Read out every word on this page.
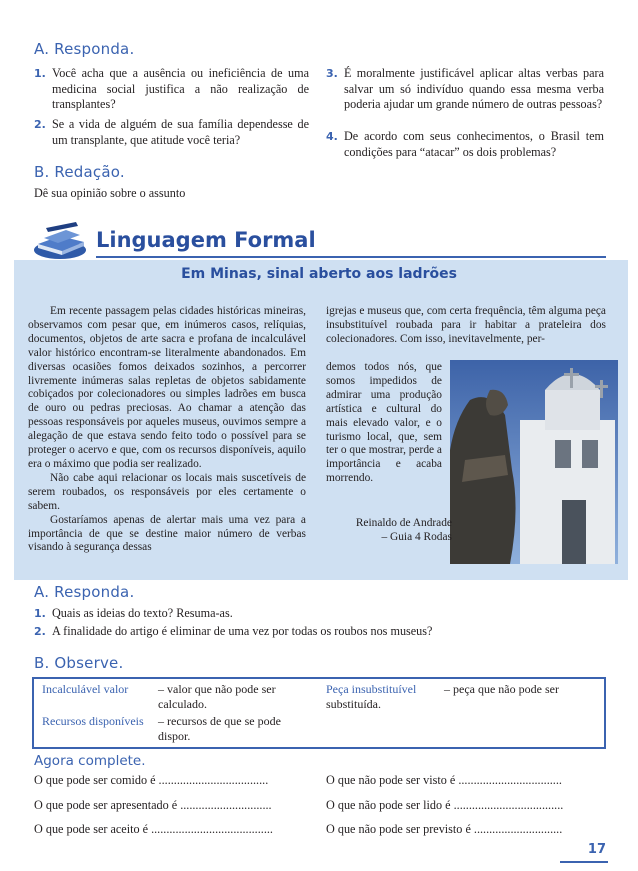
A. Responda.
1. Você acha que a ausência ou ineficiência de uma medicina social justifica a não realização de transplantes?
2. Se a vida de alguém de sua família dependesse de um transplante, que atitude você teria?
3. É moralmente justificável aplicar altas verbas para salvar um só indivíduo quando essa mesma verba poderia ajudar um grande número de outras pessoas?
4. De acordo com seus conhecimentos, o Brasil tem condições para “atacar” os dois problemas?
B. Redação.
Dê sua opinião sobre o assunto
Linguagem Formal
Em Minas, sinal aberto aos ladrões

Em recente passagem pelas cidades históricas mineiras, observamos com pesar que, em inúmeros casos, relíquias, documentos, objetos de arte sacra e profana de incalculável valor histórico encontram-se literalmente abandonados. Em diversas ocasiões fomos deixados sozinhos, a percorrer livremente inúmeras salas repletas de objetos sabidamente cobiçados por colecionadores ou simples ladrões em busca de ouro ou pedras preciosas. Ao chamar a atenção das pessoas responsáveis por aqueles museus, ouvimos sempre a alegação de que estava sendo feito todo o possível para se proteger o acervo e que, com os recursos disponíveis, aquilo era o máximo que podia ser realizado.

Não cabe aqui relacionar os locais mais suscetíveis de serem roubados, os responsáveis por eles certamente o sabem.

Gostaríamos apenas de alertar mais uma vez para a importância de que se destine maior número de verbas visando à segurança dessas

igrejas e museus que, com certa frequência, têm alguma peça insubstituível roubada para ir habitar a prateleira dos colecionadores. Com isso, inevitavelmente, per-
demos todos nós, que somos impedidos de admirar uma produção artística e cultural do mais elevado valor, e o turismo local, que, sem ter o que mostrar, perde a importância e acaba morrendo.
Reinaldo de Andrade
– Guia 4 Rodas
A. Responda.
1. Quais as ideias do texto? Resuma-as.
2. A finalidade do artigo é eliminar de uma vez por todas os roubos nos museus?
B. Observe.
Incalculável valor – valor que não pode ser calculado.
Recursos disponíveis – recursos de que se pode dispor.
Peça insubstituível	– peça que não pode ser substituída.
Agora complete.
O que pode ser comido é ....................................
O que pode ser apresentado é ..............................
O que pode ser aceito é ........................................
O que não pode ser visto é ..................................
O que não pode ser lido é ....................................
O que não pode ser previsto é .............................
17
